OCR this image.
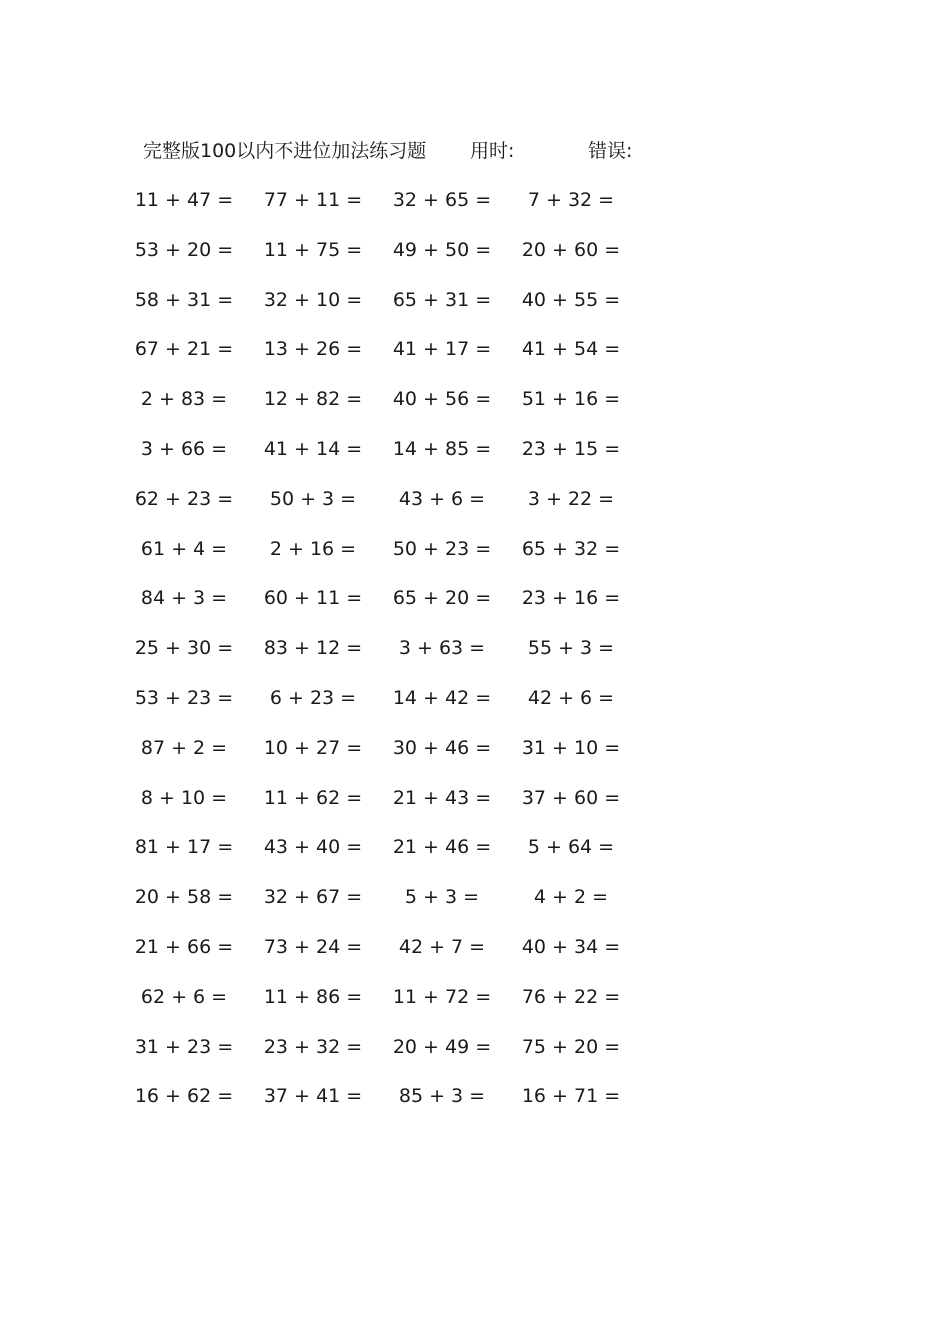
完整版100以内不进位加法练习题 用时:	错误:
11 + 47 =	77 + 11 =	32 + 65 =	7 + 32 =
53 + 20 =	11 + 75 =	49 + 50 =	20 + 60 =
58 + 31 =	32 + 10 =	65 + 31 =	40 + 55 =
67 + 21 =	13 + 26 =	41 + 17 =	41 + 54 =
2 + 83 =	12 + 82 =	40 + 56 =	51 + 16 =
3 + 66 =	41 + 14 =	14 + 85 =	23 + 15 =
62 + 23 =	50 + 3 =	43 + 6 =	3 + 22 =
61 + 4 =	2 + 16 =	50 + 23 =	65 + 32 =
84 + 3 =	60 + 11 =	65 + 20 =	23 + 16 =
25 + 30 =	83 + 12 =	3 + 63 =	55 + 3 =
53 + 23 =	6 + 23 =	14 + 42 =	42 + 6 =
87 + 2 =	10 + 27 =	30 + 46 =	31 + 10 =
8 + 10 =	11 + 62 =	21 + 43 =	37 + 60 =
81 + 17 =	43 + 40 =	21 + 46 =	5 + 64 =
20 + 58 =	32 + 67 =	5 + 3 =	4 + 2 =
21 + 66 =	73 + 24 =	42 + 7 =	40 + 34 =
62 + 6 =	11 + 86 =	11 + 72 =	76 + 22 =
31 + 23 =	23 + 32 =	20 + 49 =	75 + 20 =
16 + 62 =	37 + 41 =	85 + 3 =	16 + 71 =
